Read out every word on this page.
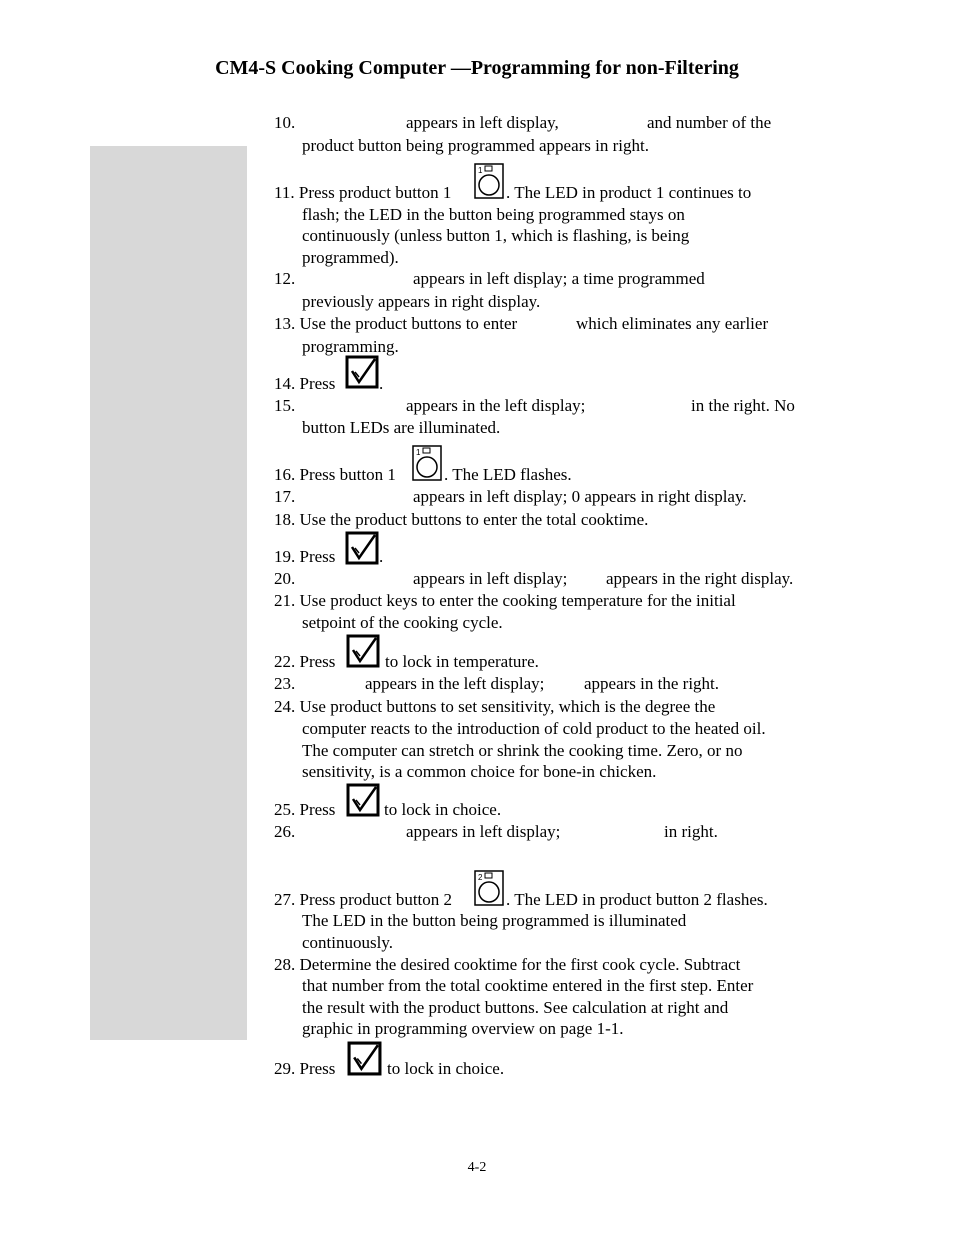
CM4-S Cooking Computer —Programming for non-Filtering
10.	appears in left display,	and number of the
product button being programmed appears in right.
11. Press product button 1
1
. The LED in product 1 continues to
flash; the LED in the button being programmed stays on
continuously (unless button 1, which is flashing, is being
programmed).
12.	appears in left display; a time programmed
previously appears in right display.
13. Use the product buttons to enter	which eliminates any earlier
programming.
14. Press	.
15.	appears in the left display;	in the right. No
button LEDs are illuminated.
16. Press button 1
1
. The LED flashes.
17.	appears in left display; 0 appears in right display.
18. Use the product buttons to enter the total cooktime.
19. Press	.
20.	appears in left display; appears in the right display.
21. Use product keys to enter the cooking temperature for the initial
setpoint of the cooking cycle.
22. Press	to lock in temperature.
23.	appears in the left display; appears in the right.
24. Use product buttons to set sensitivity, which is the degree the
computer reacts to the introduction of cold product to the heated oil.
The computer can stretch or shrink the cooking time. Zero, or no
sensitivity, is a common choice for bone-in chicken.
25. Press	to lock in choice.
26.	appears in left display;	in right.
27. Press product button 2
2
. The LED in product button 2 flashes.
The LED in the button being programmed is illuminated
continuously.
28. Determine the desired cooktime for the first cook cycle. Subtract
that number from the total cooktime entered in the first step. Enter
the result with the product buttons. See calculation at right and
graphic in programming overview on page 1-1.
29. Press	to lock in choice.
4-2
